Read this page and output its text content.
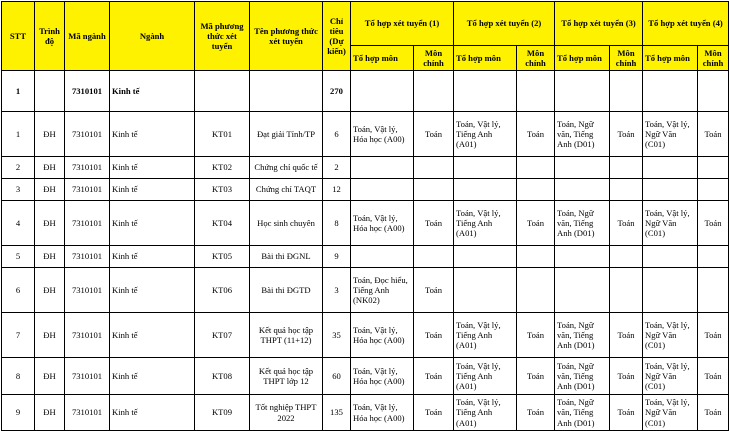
STT	Trình độ	Mã ngành	Ngành	Mã phương thức xét tuyển	Tên phương thức xét tuyển	Chỉ tiêu (Dự kiến)	Tổ hợp xét tuyển (1)		Tổ hợp xét tuyển (2)		Tổ hợp xét tuyển (3)		Tổ hợp xét tuyển (4)	
							Tổ hợp môn	Môn chính	Tổ hợp môn	Môn chính	Tổ hợp môn	Môn chính	Tổ hợp môn	Môn chính
1		7310101	Kinh tế			270								
1	ĐH	7310101	Kinh tế	KT01	Đạt giải Tỉnh/TP	6	Toán, Vật lý, Hóa học (A00)	Toán	Toán, Vật lý, Tiếng Anh (A01)	Toán	Toán, Ngữ văn, Tiếng Anh (D01)	Toán	Toán, Vật lý, Ngữ Văn (C01)	Toán
2	ĐH	7310101	Kinh tế	KT02	Chứng chỉ quốc tế	2								
3	ĐH	7310101	Kinh tế	KT03	Chứng chỉ TAQT	12								
4	ĐH	7310101	Kinh tế	KT04	Học sinh chuyên	8	Toán, Vật lý, Hóa học (A00)	Toán	Toán, Vật lý, Tiếng Anh (A01)	Toán	Toán, Ngữ văn, Tiếng Anh (D01)	Toán	Toán, Vật lý, Ngữ Văn (C01)	Toán
5	ĐH	7310101	Kinh tế	KT05	Bài thi ĐGNL	9								
6	ĐH	7310101	Kinh tế	KT06	Bài thi ĐGTD	3	Toán, Đọc hiểu, Tiếng Anh (NK02)	Toán						
7	ĐH	7310101	Kinh tế	KT07	Kết quả học tập THPT (11+12)	35	Toán, Vật lý, Hóa học (A00)	Toán	Toán, Vật lý, Tiếng Anh (A01)	Toán	Toán, Ngữ văn, Tiếng Anh (D01)	Toán	Toán, Vật lý, Ngữ Văn (C01)	Toán
8	ĐH	7310101	Kinh tế	KT08	Kết quả học tập THPT lớp 12	60	Toán, Vật lý, Hóa học (A00)	Toán	Toán, Vật lý, Tiếng Anh (A01)	Toán	Toán, Ngữ văn, Tiếng Anh (D01)	Toán	Toán, Vật lý, Ngữ Văn (C01)	Toán
9	ĐH	7310101	Kinh tế	KT09	Tốt nghiệp THPT 2022	135	Toán, Vật lý, Hóa học (A00)	Toán	Toán, Vật lý, Tiếng Anh (A01)	Toán	Toán, Ngữ văn, Tiếng Anh (D01)	Toán	Toán, Vật lý, Ngữ Văn (C01)	Toán
